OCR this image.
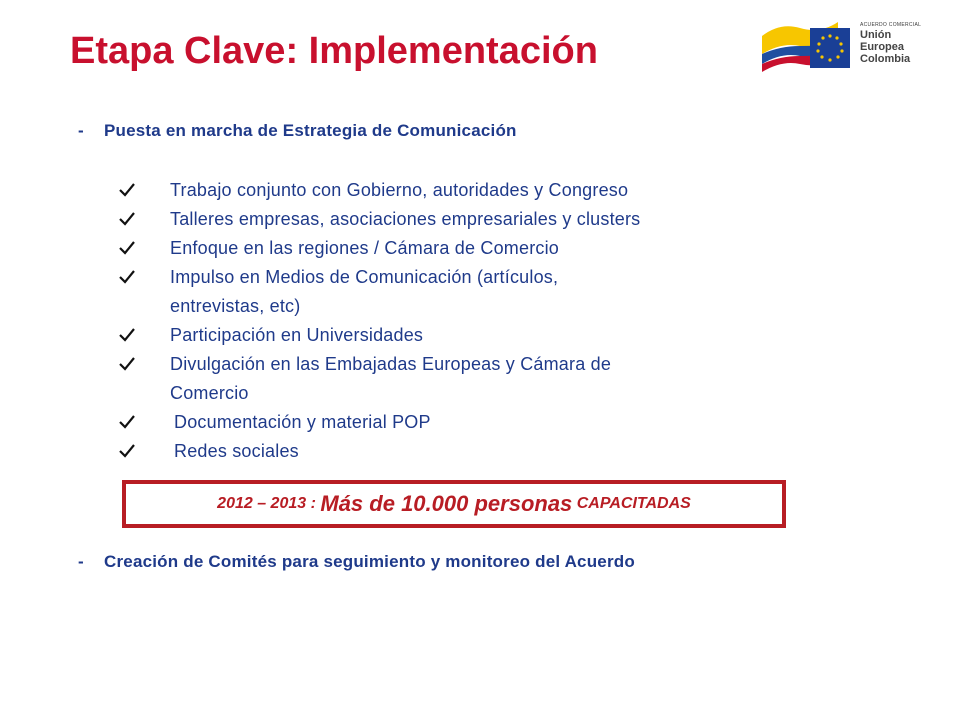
Etapa Clave: Implementación
ACUERDO COMERCIAL
Unión Europea
Colombia
- Puesta en marcha de Estrategia de Comunicación
Trabajo conjunto con Gobierno, autoridades y Congreso
Talleres empresas, asociaciones empresariales y clusters
Enfoque en las regiones / Cámara de Comercio
Impulso en Medios de Comunicación (artículos,
entrevistas, etc)
Participación en Universidades
Divulgación en las Embajadas Europeas y Cámara de
Comercio
Documentación y material POP
Redes sociales
2012 – 2013 :
Más de 10.000 personas
CAPACITADAS
- Creación de Comités para seguimiento y monitoreo del Acuerdo
